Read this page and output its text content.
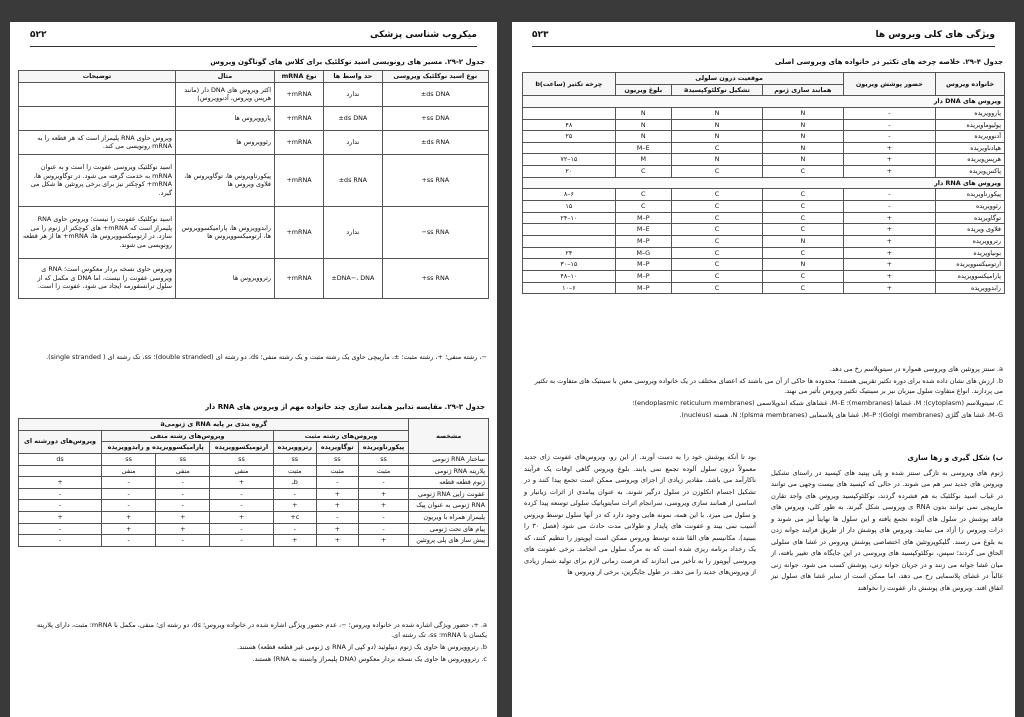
میکروب شناسی پزشکی
۵۲۲
جدول ۲-۲۹. مسیر های رونویسی اسید نوکلئیک برای کلاس های گوناگون ویروس
نوع اسید نوکلئیک ویروسی	حد واسط ها	نوع mRNA	مثال	توضیحات
ds DNA±	ندارد	mRNA+	اکثر ویروس های DNA دار (مانند هرپس ویروس، آدنوویروس)	
ss DNA+	ds DNA±	mRNA+	پاروویروس ها	
ds RNA±	ندارد	mRNA+	رئوویروس ها	ویروس حاوی RNA پلیمراز است که هر قطعه را به mRNA رونویسی می کند.
ss RNA+	ds RNA±	mRNA+	پیکورناویروس ها، توگاویروس ها، فلاوی ویروس ها	اسید نوکلئیک ویروسی عفونت زا است و به عنوان mRNA به خدمت گرفته می شود. در توگاویروس ها، mRNA+ کوچکتر نیز برای برخی پروتئین ها شکل می گیرد.
ss RNA−	ندارد	mRNA+	رابدوویروس ها، پارامیکسوویروس ها، ارتومیکسوویروس ها	اسید نوکلئیک عفونت زا نیست؛ ویروس حاوی RNA پلیمراز است که mRNA+ های کوچکتر از ژنوم را می سازد. در ارتومیکسوویروس ها، mRNA+ ها از هر قطعه رونویسی می شوند.
ss RNA+	DNA−، DNA±	mRNA+	رتروویروس ها	ویروس حاوی نسخه بردار معکوس است؛ RNA ی ویروسی عفونت زا نیست، اما DNA ی مکمل که از سلول ترانسفورمه ایجاد می شود، عفونت زا است.
−، رشته منفی؛ +، رشته مثبت؛ ±، مارپیچی حاوی یک رشته مثبت و یک رشته منفی؛ ds، دو رشته ای (double stranded)؛ ss، تک رشته ای ( single stranded).
جدول ۳-۲۹. مقایسه تدابیر همانند سازی چند خانواده مهم از ویروس های RNA دار
مشخصه	گروه بندی بر پایه RNA ی ژنومیa						
	ویروس‌های رشته مثبت			ویروس‌های رشته منفی			ویروس‌های دورشته ای
	پیکورناویریده	توگاویریده	رتروویریده	ارتومیکسوویریده	پارامیکسوویریده و رابدوویریده		
ساختار RNA ژنومی	ss	ss	ss	ss	ss	ss	ds
پلاریته RNA ژنومی	مثبت	مثبت	مثبت	منفی	منفی	منفی	
ژنوم قطعه قطعه	-	-	bـ	+	-	-	+
عفونت زایی RNA ژنومی	+	+	-	-	-	-	-
RNA ژنومی به عنوان پیک	+	+	+	-	-	-	-
پلیمراز همراه با ویریون	-	-	c+	+	+	+	+
پیام های تحت ژنومی	-	+	-	-	+	+	-
پیش ساز های پلی پروتئین	+	+	+	-	-	-	-

a. +، حضور ویژگی اشاره شده در خانواده ویروس؛ −، عدم حضور ویژگی اشاره شده در خانواده ویروس؛ ds، دو رشته ای؛ منفی، مکمل با mRNA؛ مثبت، دارای پلاریته یکسان با mRNA؛ ss، تک رشته ای.

b. رتروویروس ها حاوی یک ژنوم دیپلوئید (دو کپی از RNA ی ژنومی غیر قطعه قطعه) هستند.

c. رتروویروس ها حاوی یک نسخه بردار معکوس (DNA پلیمراز وابسته به RNA) هستند.

ویژگی های کلی ویروس ها
۵۲۳
جدول ۴-۲۹. خلاصه چرخه های تکثیر در خانواده های ویروسی اصلی
خانواده ویروس	حضور پوشش ویریون	موقعیت درون سلولی			چرخه تکثیر (ساعت)b
		همانند سازی ژنوم	تشکیل نوکلئوکپسیدa	بلوغ ویریون	
ویروس های DNA دار					
پاروویریده	-	N	N	N	
پولیوماویریده	-	N	N	N	۴۸
آدنوویریده	-	N	N	N	۲۵
هپادناویریده	+	N	C	M–E	
هرپس‌ویریده	+	N	N	M	۱۵–۷۲
پاکس‌ویریده	+	C	C	C	۲۰
ویروس های RNA دار					
پیکورناویریده	-	C	C	C	۶–۸
رئوویریده	-	C	C	C	۱۵
توگاویریده	+	C	C	M–P	۱۰–۲۴
فلاوی ویریده	+	C	C	M–E	
رتروویریده	+	N	C	M–P	
بونیاویریده	+	C	C	M–G	۲۴
ارتومیکسوویریده	+	N	C	M–P	۱۵–۳۰
پارامیکسوویریده	+	C	C	M–P	۱۰–۴۸
رابدوویریده	+	C	C	M–P	۶–۱۰

a. سنتز پروتئین های ویروسی همواره در سیتوپلاسم رخ می دهد.

b. ارزش های نشان داده شده برای دوره تکثیر تقریبی هستند؛ محدوده ها حاکی از آن می باشند که اعضای مختلف در یک خانواده ویروسی معین با سینتیک های متفاوت به تکثیر می پردازند. انواع متفاوت سلول میزبان نیز بر سینتیک تکثیر ویروس تأثیر می نهند.

C، سیتوپلاسم (cytoplasm)؛ M، غشاها (membranes)؛ M–E، غشاهای شبکه اندوپلاسمی (endoplasmic reticulum membranes)؛

M–G، غشا های گلژی (Golgi membranes)؛ M–P، غشا های پلاسمایی (plsma membranes)؛ N، هسته (nucleus).

ب) شکل گیری و رها سازی

ژنوم های ویروسی به تازگی سنتز شده و پلی پپتید های کپسید در راستای تشکیل ویروس های جدید سر هم می شوند. در حالی که کپسید های بیست وجهی می توانند در غیاب اسید نوکلئیک به هم فشرده گردند، نوکلئوکپسید ویروس های واجد تقارن مارپیچی نمی توانند بدون RNA ی ویروسی شکل گیرند. به طور کلی، ویروس های فاقد پوشش در سلول های آلوده تجمع یافته و این سلول ها نهایتاً لیز می شوند و ذرات ویروس را آزاد می نمایند. ویروس های پوشش دار از طریق فرایند جوانه زدن به بلوغ می رسند. گلیکوپروتئین های اختصاصی پوشش ویروس در غشا های سلولی الحاق می گردند؛ سپس، نوکلئوکپسید های ویروسی در این جایگاه های تغییر یافته، از میان غشا جوانه می زنند و در جریان جوانه زنی، پوشش کسب می شود. جوانه زنی غالباً در غشای پلاسمایی رخ می دهد، اما ممکن است از سایر غشا های سلول نیز اتفاق افتد. ویروس های پوشش دار عفونت زا نخواهند

بود تا آنکه پوشش خود را به دست آورند. از این رو، ویروس‌های عفونت زای جدید معمولاً درون سلول آلوده تجمع نمی یابند. بلوغ ویروس گاهی اوقات یک فرآیند ناکارآمد می باشد. مقادیر زیادی از اجزای ویروسی ممکن است تجمع پیدا کنند و در تشکیل اجسام انکلوزن در سلول درگیر شوند. به عنوان پیامدی از اثرات زیانبار و اساسی از همانند سازی ویروسی، سرانجام اثرات سایتوپاتیک سلولی توسعه پیدا کرده و سلول می میرد. با این همه، نمونه هایی وجود دارد که در آنها سلول توسط ویروس آسیب نمی بیند و عفونت های پایدار و طولانی مدت حادث می شود (فصل ۳۰ را ببینید). مکانیسم های القا شده توسط ویروس ممکن است آپوپتوز را تنظیم کنند، که یک رخداد برنامه ریزی شده است که به مرگ سلول می انجامد. برخی عفونت های ویروسی آپوپتوز را به تأخیر می اندازند که فرصت زمانی لازم برای تولید شمار زیادی از ویروس‌های جدید را می دهد. در طول جایگزین، برخی از ویروس ها
